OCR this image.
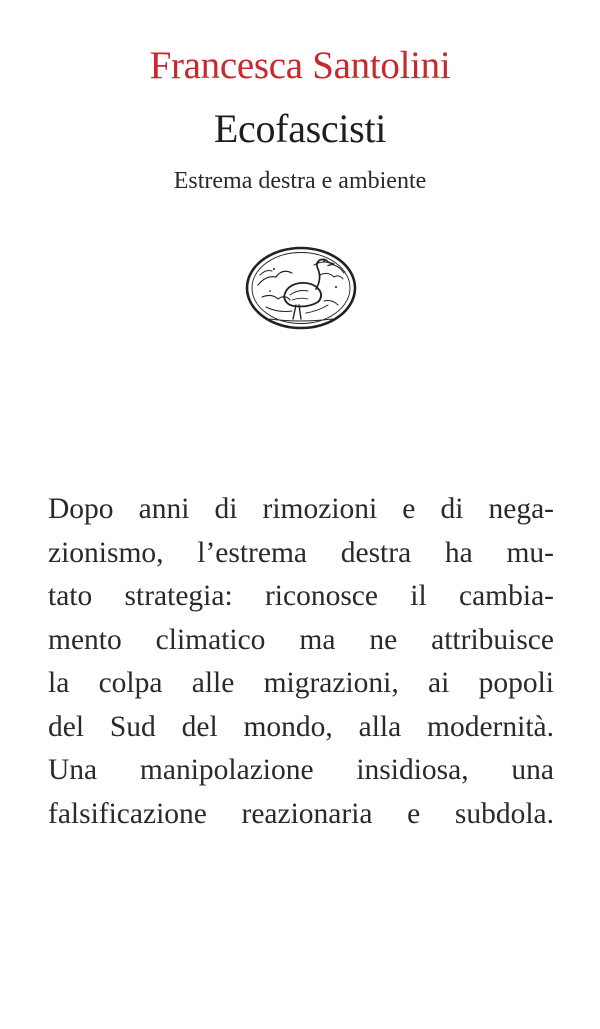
Francesca Santolini
Ecofascisti
Estrema destra e ambiente
Dopo anni di rimozioni e di nega-
zionismo, l’estrema destra ha mu-
tato strategia: riconosce il cambia-
mento climatico ma ne attribuisce
la colpa alle migrazioni, ai popoli
del Sud del mondo, alla modernità.
Una manipolazione insidiosa, una
falsificazione reazionaria e subdola.
